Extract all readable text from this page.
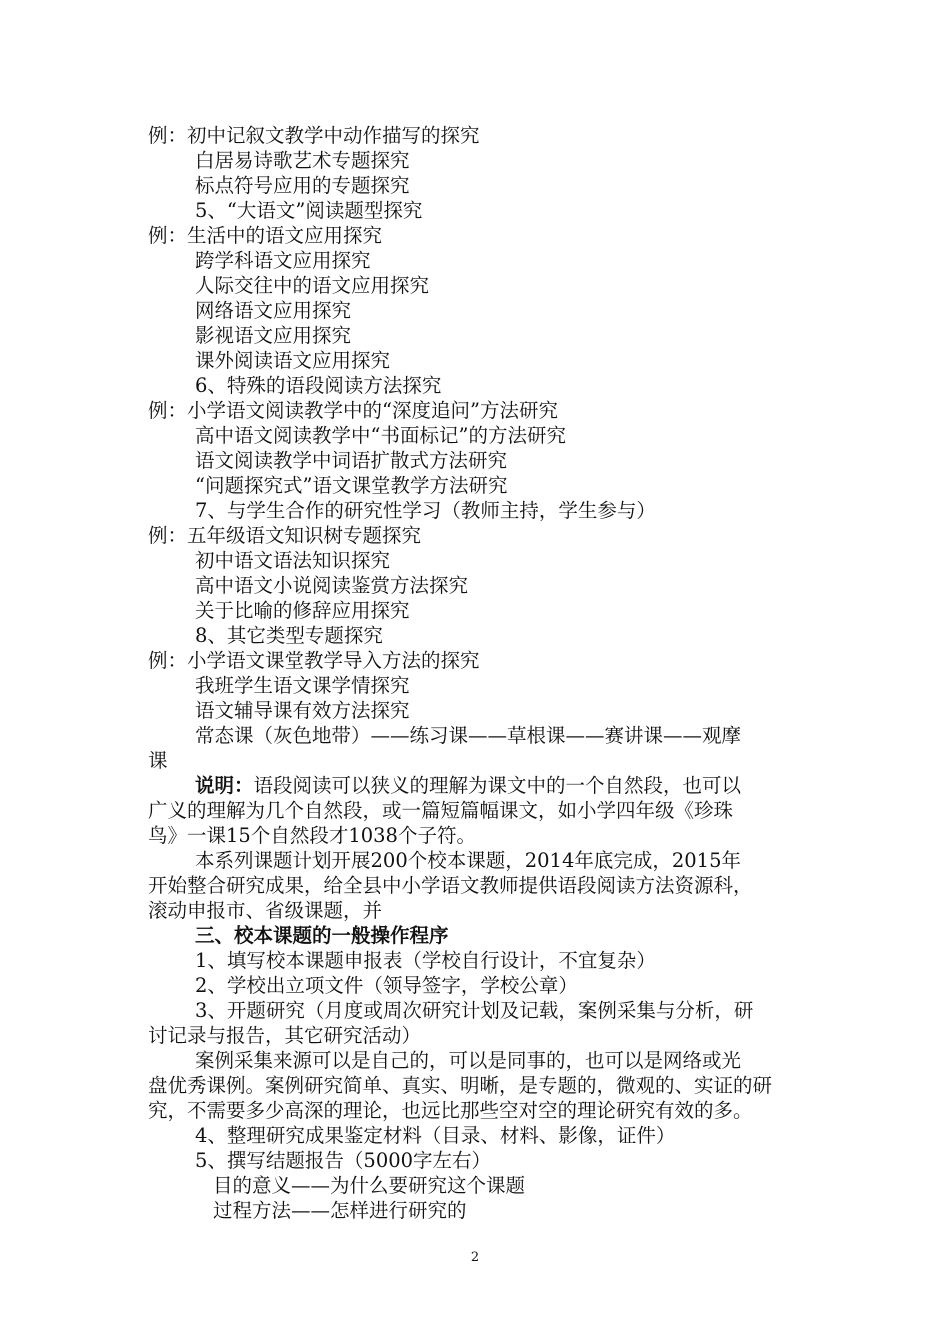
例：初中记叙文教学中动作描写的探究
白居易诗歌艺术专题探究
标点符号应用的专题探究
5、“大语文”阅读题型探究
例：生活中的语文应用探究
跨学科语文应用探究
人际交往中的语文应用探究
网络语文应用探究
影视语文应用探究
课外阅读语文应用探究
6、特殊的语段阅读方法探究
例：小学语文阅读教学中的“深度追问”方法研究
高中语文阅读教学中“书面标记”的方法研究
语文阅读教学中词语扩散式方法研究
“问题探究式”语文课堂教学方法研究
7、与学生合作的研究性学习（教师主持，学生参与）
例：五年级语文知识树专题探究
初中语文语法知识探究
高中语文小说阅读鉴赏方法探究
关于比喻的修辞应用探究
8、其它类型专题探究
例：小学语文课堂教学导入方法的探究
我班学生语文课学情探究
语文辅导课有效方法探究
常态课（灰色地带）——练习课——草根课——赛讲课——观摩
课
说明：语段阅读可以狭义的理解为课文中的一个自然段，也可以
广义的理解为几个自然段，或一篇短篇幅课文，如小学四年级《珍珠
鸟》一课15个自然段才1038个子符。
本系列课题计划开展200个校本课题，2014年底完成，2015年
开始整合研究成果，给全县中小学语文教师提供语段阅读方法资源科，
滚动申报市、省级课题，并
三、校本课题的一般操作程序
1、填写校本课题申报表（学校自行设计，不宜复杂）
2、学校出立项文件（领导签字，学校公章）
3、开题研究（月度或周次研究计划及记载，案例采集与分析，研
讨记录与报告，其它研究活动）
案例采集来源可以是自己的，可以是同事的，也可以是网络或光
盘优秀课例。案例研究简单、真实、明晰，是专题的，微观的、实证的研
究，不需要多少高深的理论，也远比那些空对空的理论研究有效的多。
4、整理研究成果鉴定材料（目录、材料、影像，证件）
5、撰写结题报告（5000字左右）
目的意义——为什么要研究这个课题
过程方法——怎样进行研究的
2
